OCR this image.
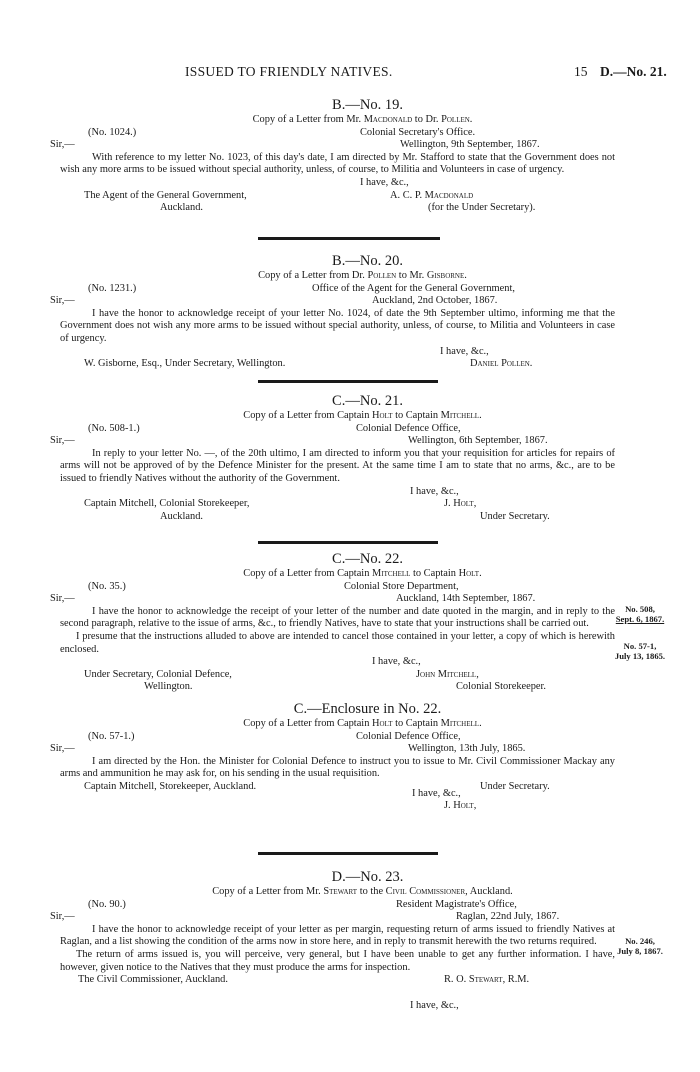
ISSUED TO FRIENDLY NATIVES.	15 D.—No. 21.
B.—No. 19.
Copy of a Letter from Mr. Macdonald to Dr. Pollen.
(No. 1024.)	Colonial Secretary's Office.
Sir,—	Wellington, 9th September, 1867.
With reference to my letter No. 1023, of this day's date, I am directed by Mr. Stafford to state that the Government does not wish any more arms to be issued without special authority, unless, of course, to Militia and Volunteers in case of urgency.
I have, &c.,
The Agent of the General Government,	A. C. P. Macdonald
Auckland.	(for the Under Secretary).
B.—No. 20.
Copy of a Letter from Dr. Pollen to Mr. Gisborne.
(No. 1231.)	Office of the Agent for the General Government,
Sir,—	Auckland, 2nd October, 1867.
I have the honor to acknowledge receipt of your letter No. 1024, of date the 9th September ultimo, informing me that the Government does not wish any more arms to be issued without special authority, unless, of course, to Militia and Volunteers in case of urgency.
I have, &c.,
W. Gisborne, Esq., Under Secretary, Wellington.	Daniel Pollen.
C.—No. 21.
Copy of a Letter from Captain Holt to Captain Mitchell.
(No. 508-1.)	Colonial Defence Office,
Sir,—	Wellington, 6th September, 1867.
In reply to your letter No. —, of the 20th ultimo, I am directed to inform you that your requisition for articles for repairs of arms will not be approved of by the Defence Minister for the present. At the same time I am to state that no arms, &c., are to be issued to friendly Natives without the authority of the Government.
I have, &c.,
Captain Mitchell, Colonial Storekeeper,	J. Holt,
Auckland.	Under Secretary.
C.—No. 22.
Copy of a Letter from Captain Mitchell to Captain Holt.
(No. 35.)	Colonial Store Department,
Sir,—	Auckland, 14th September, 1867.
I have the honor to acknowledge the receipt of your letter of the number and date quoted in the margin, and in reply to the second paragraph, relative to the issue of arms, &c., to friendly Natives, have to state that your instructions shall be carried out.
I presume that the instructions alluded to above are intended to cancel those contained in your letter, a copy of which is herewith enclosed.
I have, &c.,
Under Secretary, Colonial Defence,	John Mitchell,
Wellington.	Colonial Storekeeper.
No. 508,
Sept. 6, 1867.
No. 57-1,
July 13, 1865.
C.—Enclosure in No. 22.
Copy of a Letter from Captain Holt to Captain Mitchell.
(No. 57-1.)	Colonial Defence Office,
Sir,—	Wellington, 13th July, 1865.
I am directed by the Hon. the Minister for Colonial Defence to instruct you to issue to Mr. Civil Commissioner Mackay any arms and ammunition he may ask for, on his sending in the usual requisition.
Captain Mitchell, Storekeeper, Auckland.	Under Secretary.
I have, &c.,
J. Holt,
D.—No. 23.
Copy of a Letter from Mr. Stewart to the Civil Commissioner, Auckland.
(No. 90.)	Resident Magistrate's Office,
Sir,—	Raglan, 22nd July, 1867.
I have the honor to acknowledge receipt of your letter as per margin, requesting return of arms issued to friendly Natives at Raglan, and a list showing the condition of the arms now in store here, and in reply to transmit herewith the two returns required.
The return of arms issued is, you will perceive, very general, but I have been unable to get any further information. I have, however, given notice to the Natives that they must produce the arms for inspection.
The Civil Commissioner, Auckland.	R. O. Stewart, R.M.
I have, &c.,
No. 246,
July 8, 1867.
